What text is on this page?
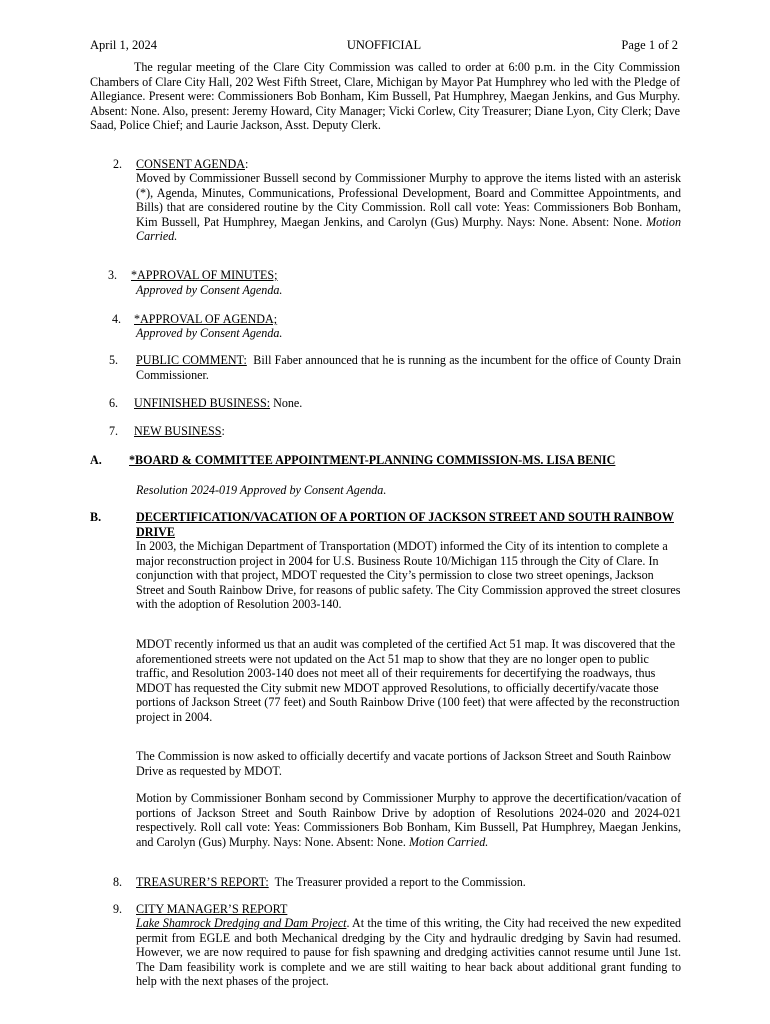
April 1, 2024	UNOFFICIAL	Page 1 of 2
The regular meeting of the Clare City Commission was called to order at 6:00 p.m. in the City Commission Chambers of Clare City Hall, 202 West Fifth Street, Clare, Michigan by Mayor Pat Humphrey who led with the Pledge of Allegiance. Present were: Commissioners Bob Bonham, Kim Bussell, Pat Humphrey, Maegan Jenkins, and Gus Murphy. Absent: None. Also, present: Jeremy Howard, City Manager; Vicki Corlew, City Treasurer; Diane Lyon, City Clerk; Dave Saad, Police Chief; and Laurie Jackson, Asst. Deputy Clerk.
2. CONSENT AGENDA:
Moved by Commissioner Bussell second by Commissioner Murphy to approve the items listed with an asterisk (*), Agenda, Minutes, Communications, Professional Development, Board and Committee Appointments, and Bills) that are considered routine by the City Commission. Roll call vote: Yeas: Commissioners Bob Bonham, Kim Bussell, Pat Humphrey, Maegan Jenkins, and Carolyn (Gus) Murphy. Nays: None. Absent: None. Motion Carried.
3. *APPROVAL OF MINUTES;
Approved by Consent Agenda.
4. *APPROVAL OF AGENDA;
Approved by Consent Agenda.
5. PUBLIC COMMENT: Bill Faber announced that he is running as the incumbent for the office of County Drain Commissioner.
6. UNFINISHED BUSINESS: None.
7. NEW BUSINESS:
A. *BOARD & COMMITTEE APPOINTMENT-PLANNING COMMISSION-MS. LISA BENIC
Resolution 2024-019 Approved by Consent Agenda.
B.	DECERTIFICATION/VACATION OF A PORTION OF JACKSON STREET AND SOUTH RAINBOW DRIVE
In 2003, the Michigan Department of Transportation (MDOT) informed the City of its intention to complete a major reconstruction project in 2004 for U.S. Business Route 10/Michigan 115 through the City of Clare. In conjunction with that project, MDOT requested the City’s permission to close two street openings, Jackson Street and South Rainbow Drive, for reasons of public safety. The City Commission approved the street closures with the adoption of Resolution 2003-140.
MDOT recently informed us that an audit was completed of the certified Act 51 map. It was discovered that the aforementioned streets were not updated on the Act 51 map to show that they are no longer open to public traffic, and Resolution 2003-140 does not meet all of their requirements for decertifying the roadways, thus MDOT has requested the City submit new MDOT approved Resolutions, to officially decertify/vacate those portions of Jackson Street (77 feet) and South Rainbow Drive (100 feet) that were affected by the reconstruction project in 2004.
The Commission is now asked to officially decertify and vacate portions of Jackson Street and South Rainbow Drive as requested by MDOT.
Motion by Commissioner Bonham second by Commissioner Murphy to approve the decertification/vacation of portions of Jackson Street and South Rainbow Drive by adoption of Resolutions 2024-020 and 2024-021 respectively. Roll call vote: Yeas: Commissioners Bob Bonham, Kim Bussell, Pat Humphrey, Maegan Jenkins, and Carolyn (Gus) Murphy. Nays: None. Absent: None. Motion Carried.
8. TREASURER’S REPORT: The Treasurer provided a report to the Commission.
9. CITY MANAGER’S REPORT
Lake Shamrock Dredging and Dam Project. At the time of this writing, the City had received the new expedited permit from EGLE and both Mechanical dredging by the City and hydraulic dredging by Savin had resumed. However, we are now required to pause for fish spawning and dredging activities cannot resume until June 1st. The Dam feasibility work is complete and we are still waiting to hear back about additional grant funding to help with the next phases of the project.
